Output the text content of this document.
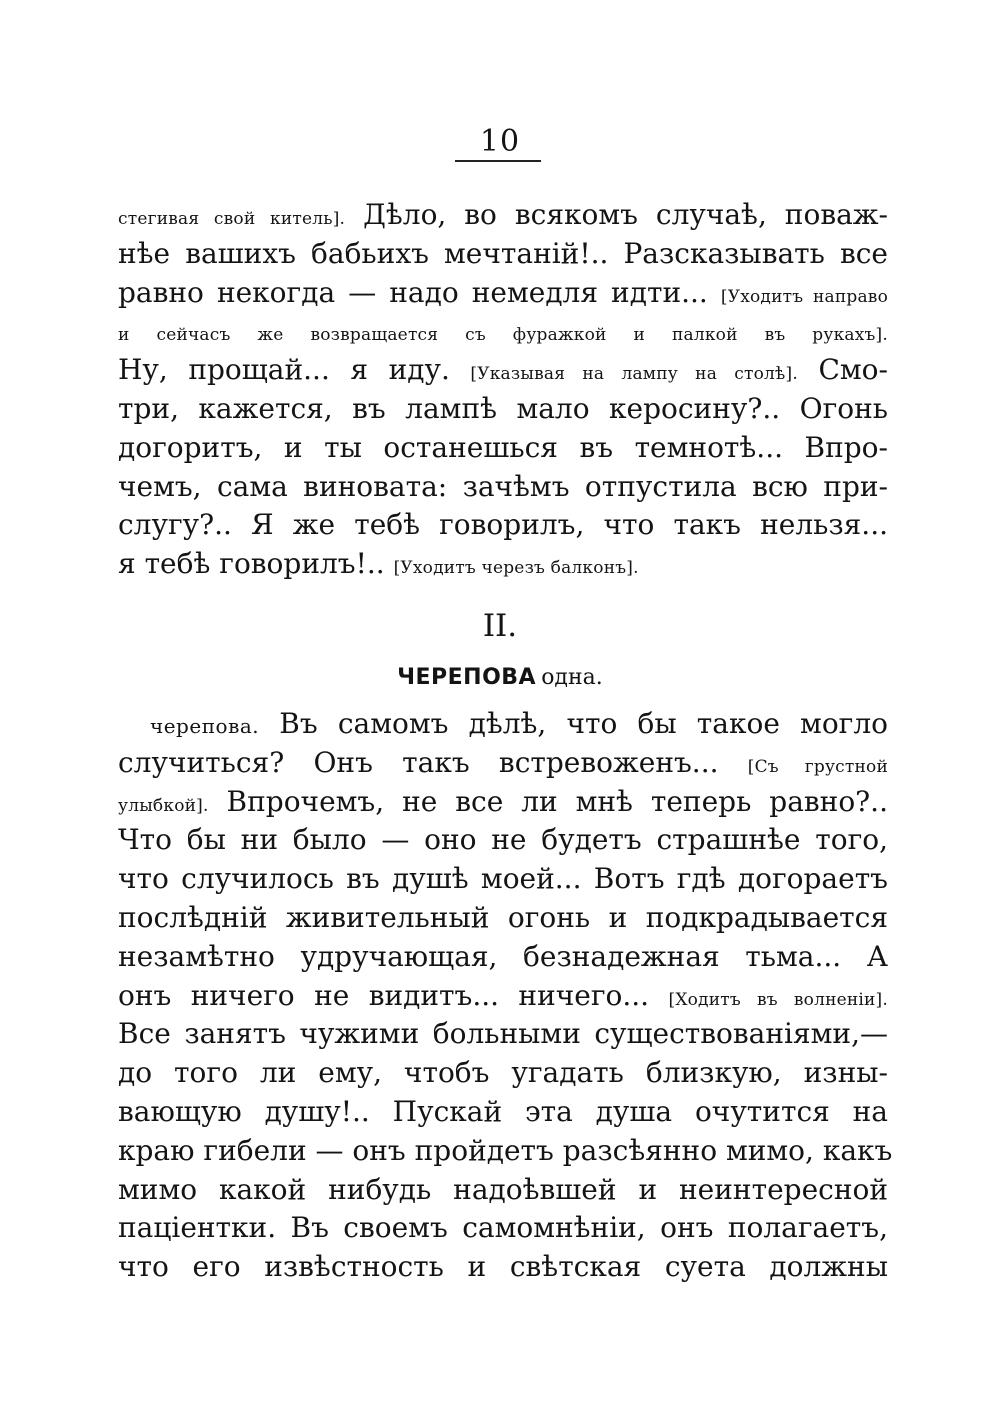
10
стегивая свой китель]. Дѣло, во всякомъ случаѣ, поваж-
нѣе вашихъ бабьихъ мечтаній!.. Разсказывать все
равно некогда — надо немедля идти... [Уходитъ направо
и сейчасъ же возвращается съ фуражкой и палкой въ рукахъ].
Ну, прощай... я иду. [Указывая на лампу на столѣ]. Смо-
три, кажется, въ лампѣ мало керосину?.. Огонь
догоритъ, и ты останешься въ темнотѣ... Впро-
чемъ, сама виновата: зачѣмъ отпустила всю при-
слугу?.. Я же тебѣ говорилъ, что такъ нельзя...
я тебѣ говорилъ!.. [Уходитъ черезъ балконъ].
II.
ЧЕРЕПОВА одна.
черепова. Въ самомъ дѣлѣ, что бы такое могло
случиться? Онъ такъ встревоженъ... [Съ грустной
улыбкой]. Впрочемъ, не все ли мнѣ теперь равно?..
Что бы ни было — оно не будетъ страшнѣе того,
что случилось въ душѣ моей... Вотъ гдѣ догораетъ
послѣдній живительный огонь и подкрадывается
незамѣтно удручающая, безнадежная тьма... А
онъ ничего не видитъ... ничего... [Ходитъ въ волненіи].
Все занятъ чужими больными существованіями,—
до того ли ему, чтобъ угадать близкую, изны-
вающую душу!.. Пускай эта душа очутится на
краю гибели — онъ пройдетъ разсѣянно мимо, какъ
мимо какой нибудь надоѣвшей и неинтересной
паціентки. Въ своемъ самомнѣніи, онъ полагаетъ,
что его извѣстность и свѣтская суета должны
